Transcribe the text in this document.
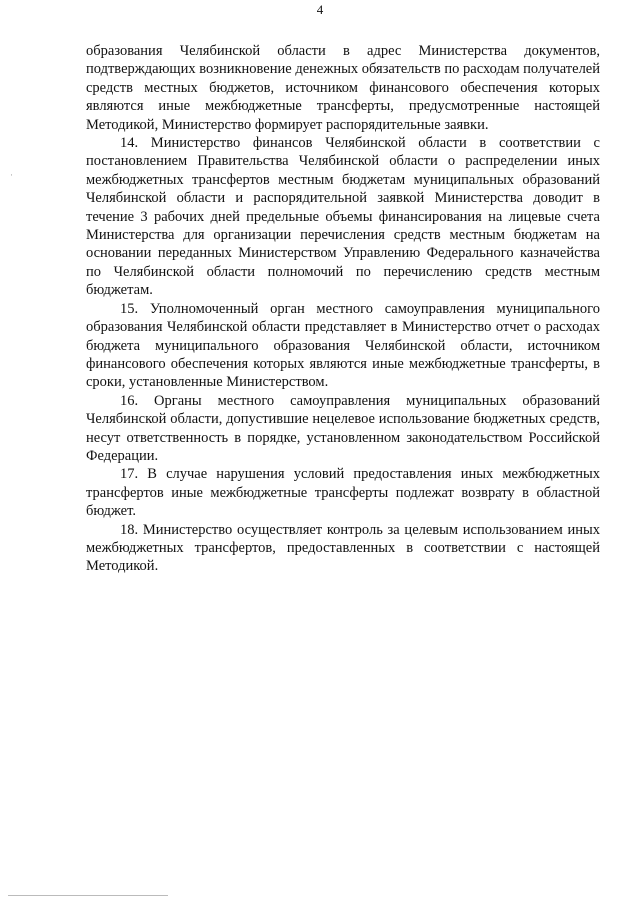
4
·

образования Челябинской области в адрес Министерства документов, подтверждающих возникновение денежных обязательств по расходам получателей средств местных бюджетов, источником финансового обеспечения которых являются иные межбюджетные трансферты, предусмотренные настоящей Методикой, Министерство формирует распорядительные заявки.

14. Министерство финансов Челябинской области в соответствии с постановлением Правительства Челябинской области о распределении иных межбюджетных трансфертов местным бюджетам муниципальных образований Челябинской области и распорядительной заявкой Министерства доводит в течение 3 рабочих дней предельные объемы финансирования на лицевые счета Министерства для организации перечисления средств местным бюджетам на основании переданных Министерством Управлению Федерального казначейства по Челябинской области полномочий по перечислению средств местным бюджетам.

15. Уполномоченный орган местного самоуправления муниципального образования Челябинской области представляет в Министерство отчет о расходах бюджета муниципального образования Челябинской области, источником финансового обеспечения которых являются иные межбюджетные трансферты, в сроки, установленные Министерством.

16. Органы местного самоуправления муниципальных образований Челябинской области, допустившие нецелевое использование бюджетных средств, несут ответственность в порядке, установленном законодательством Российской Федерации.

17. В случае нарушения условий предоставления иных межбюджетных трансфертов иные межбюджетные трансферты подлежат возврату в областной бюджет.

18. Министерство осуществляет контроль за целевым использованием иных межбюджетных трансфертов, предоставленных в соответствии с настоящей Методикой.
